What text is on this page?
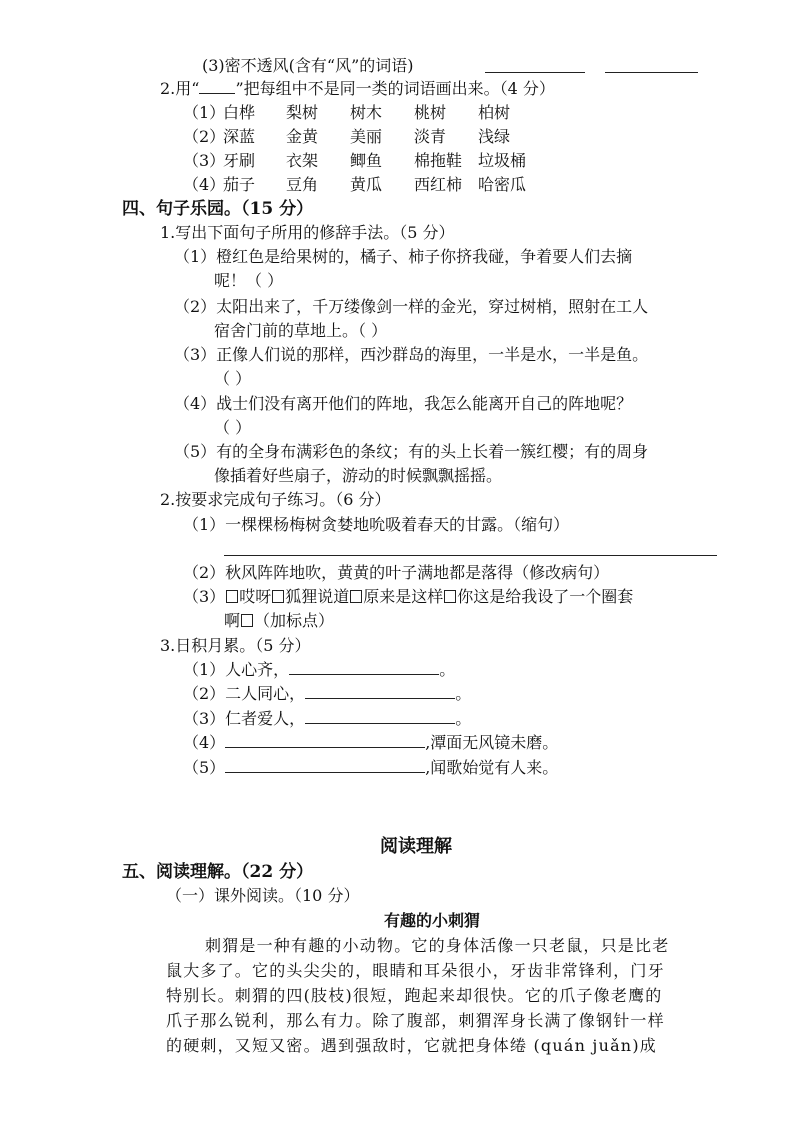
(3)密不透风(含有“风”的词语)
2.用“ ”把每组中不是同一类的词语画出来。（4 分）
（1）白桦 梨树 树木 桃树 柏树
（2）深蓝 金黄 美丽 淡青 浅绿
（3）牙刷 衣架 鲫鱼 棉拖鞋 垃圾桶
（4）茄子 豆角 黄瓜 西红柿 哈密瓜
四、句子乐园。（15 分）
1.写出下面句子所用的修辞手法。（5 分）
（1）橙红色是给果树的，橘子、柿子你挤我碰，争着要人们去摘
呢！（ ）
（2）太阳出来了，千万缕像剑一样的金光，穿过树梢，照射在工人
宿舍门前的草地上。（ ）
（3）正像人们说的那样，西沙群岛的海里，一半是水，一半是鱼。
（ ）
（4）战士们没有离开他们的阵地，我怎么能离开自己的阵地呢？
（ ）
（5）有的全身布满彩色的条纹；有的头上长着一簇红樱；有的周身
像插着好些扇子，游动的时候飘飘摇摇。
2.按要求完成句子练习。（6 分）
（1）一棵棵杨梅树贪婪地吮吸着春天的甘露。（缩句）
（2）秋风阵阵地吹，黄黄的叶子满地都是落得（修改病句）
（3） 哎呀 狐狸说道 原来是这样 你这是给我设了一个圈套
啊 （加标点）
3.日积月累。（5 分）
（1）人心齐，	。
（2）二人同心，	。
（3）仁者爱人，	。
（4）	,潭面无风镜未磨。
（5）	,闻歌始觉有人来。
阅读理解
五、阅读理解。（22 分）
（一）课外阅读。（10 分）
有趣的小刺猬
刺猬是一种有趣的小动物。它的身体活像一只老鼠，只是比老
鼠大多了。它的头尖尖的，眼睛和耳朵很小，牙齿非常锋利，门牙
特别长。刺猬的四(肢枝)很短，跑起来却很快。它的爪子像老鹰的
爪子那么锐利，那么有力。除了腹部，刺猬浑身长满了像钢针一样
的硬刺，又短又密。遇到强敌时，它就把身体绻 (quán juǎn)成
